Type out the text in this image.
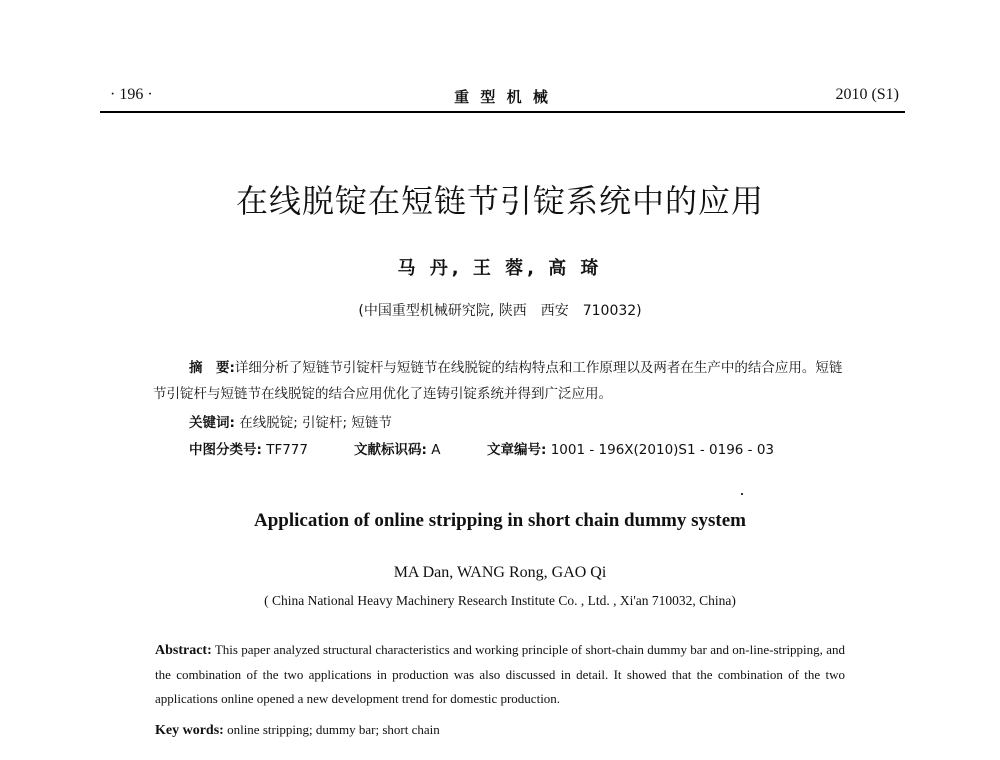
· 196 ·	重 型 机 械	2010 (S1)
在线脱锭在短链节引锭系统中的应用
马 丹, 王 蓉, 高 琦
(中国重型机械研究院, 陕西　西安　710032)
摘　要:详细分析了短链节引锭杆与短链节在线脱锭的结构特点和工作原理以及两者在生产中的结合应用。短链节引锭杆与短链节在线脱锭的结合应用优化了连铸引锭系统并得到广泛应用。
关键词: 在线脱锭; 引锭杆; 短链节
中图分类号: TF777	文献标识码: A	文章编号: 1001 - 196X(2010)S1 - 0196 - 03
Application of online stripping in short chain dummy system
MA Dan, WANG Rong, GAO Qi
( China National Heavy Machinery Research Institute Co. , Ltd. , Xi'an 710032, China)
Abstract: This paper analyzed structural characteristics and working principle of short-chain dummy bar and on-line-stripping, and the combination of the two applications in production was also discussed in detail. It showed that the combination of the two applications online opened a new development trend for domestic production.
Key words: online stripping; dummy bar; short chain
